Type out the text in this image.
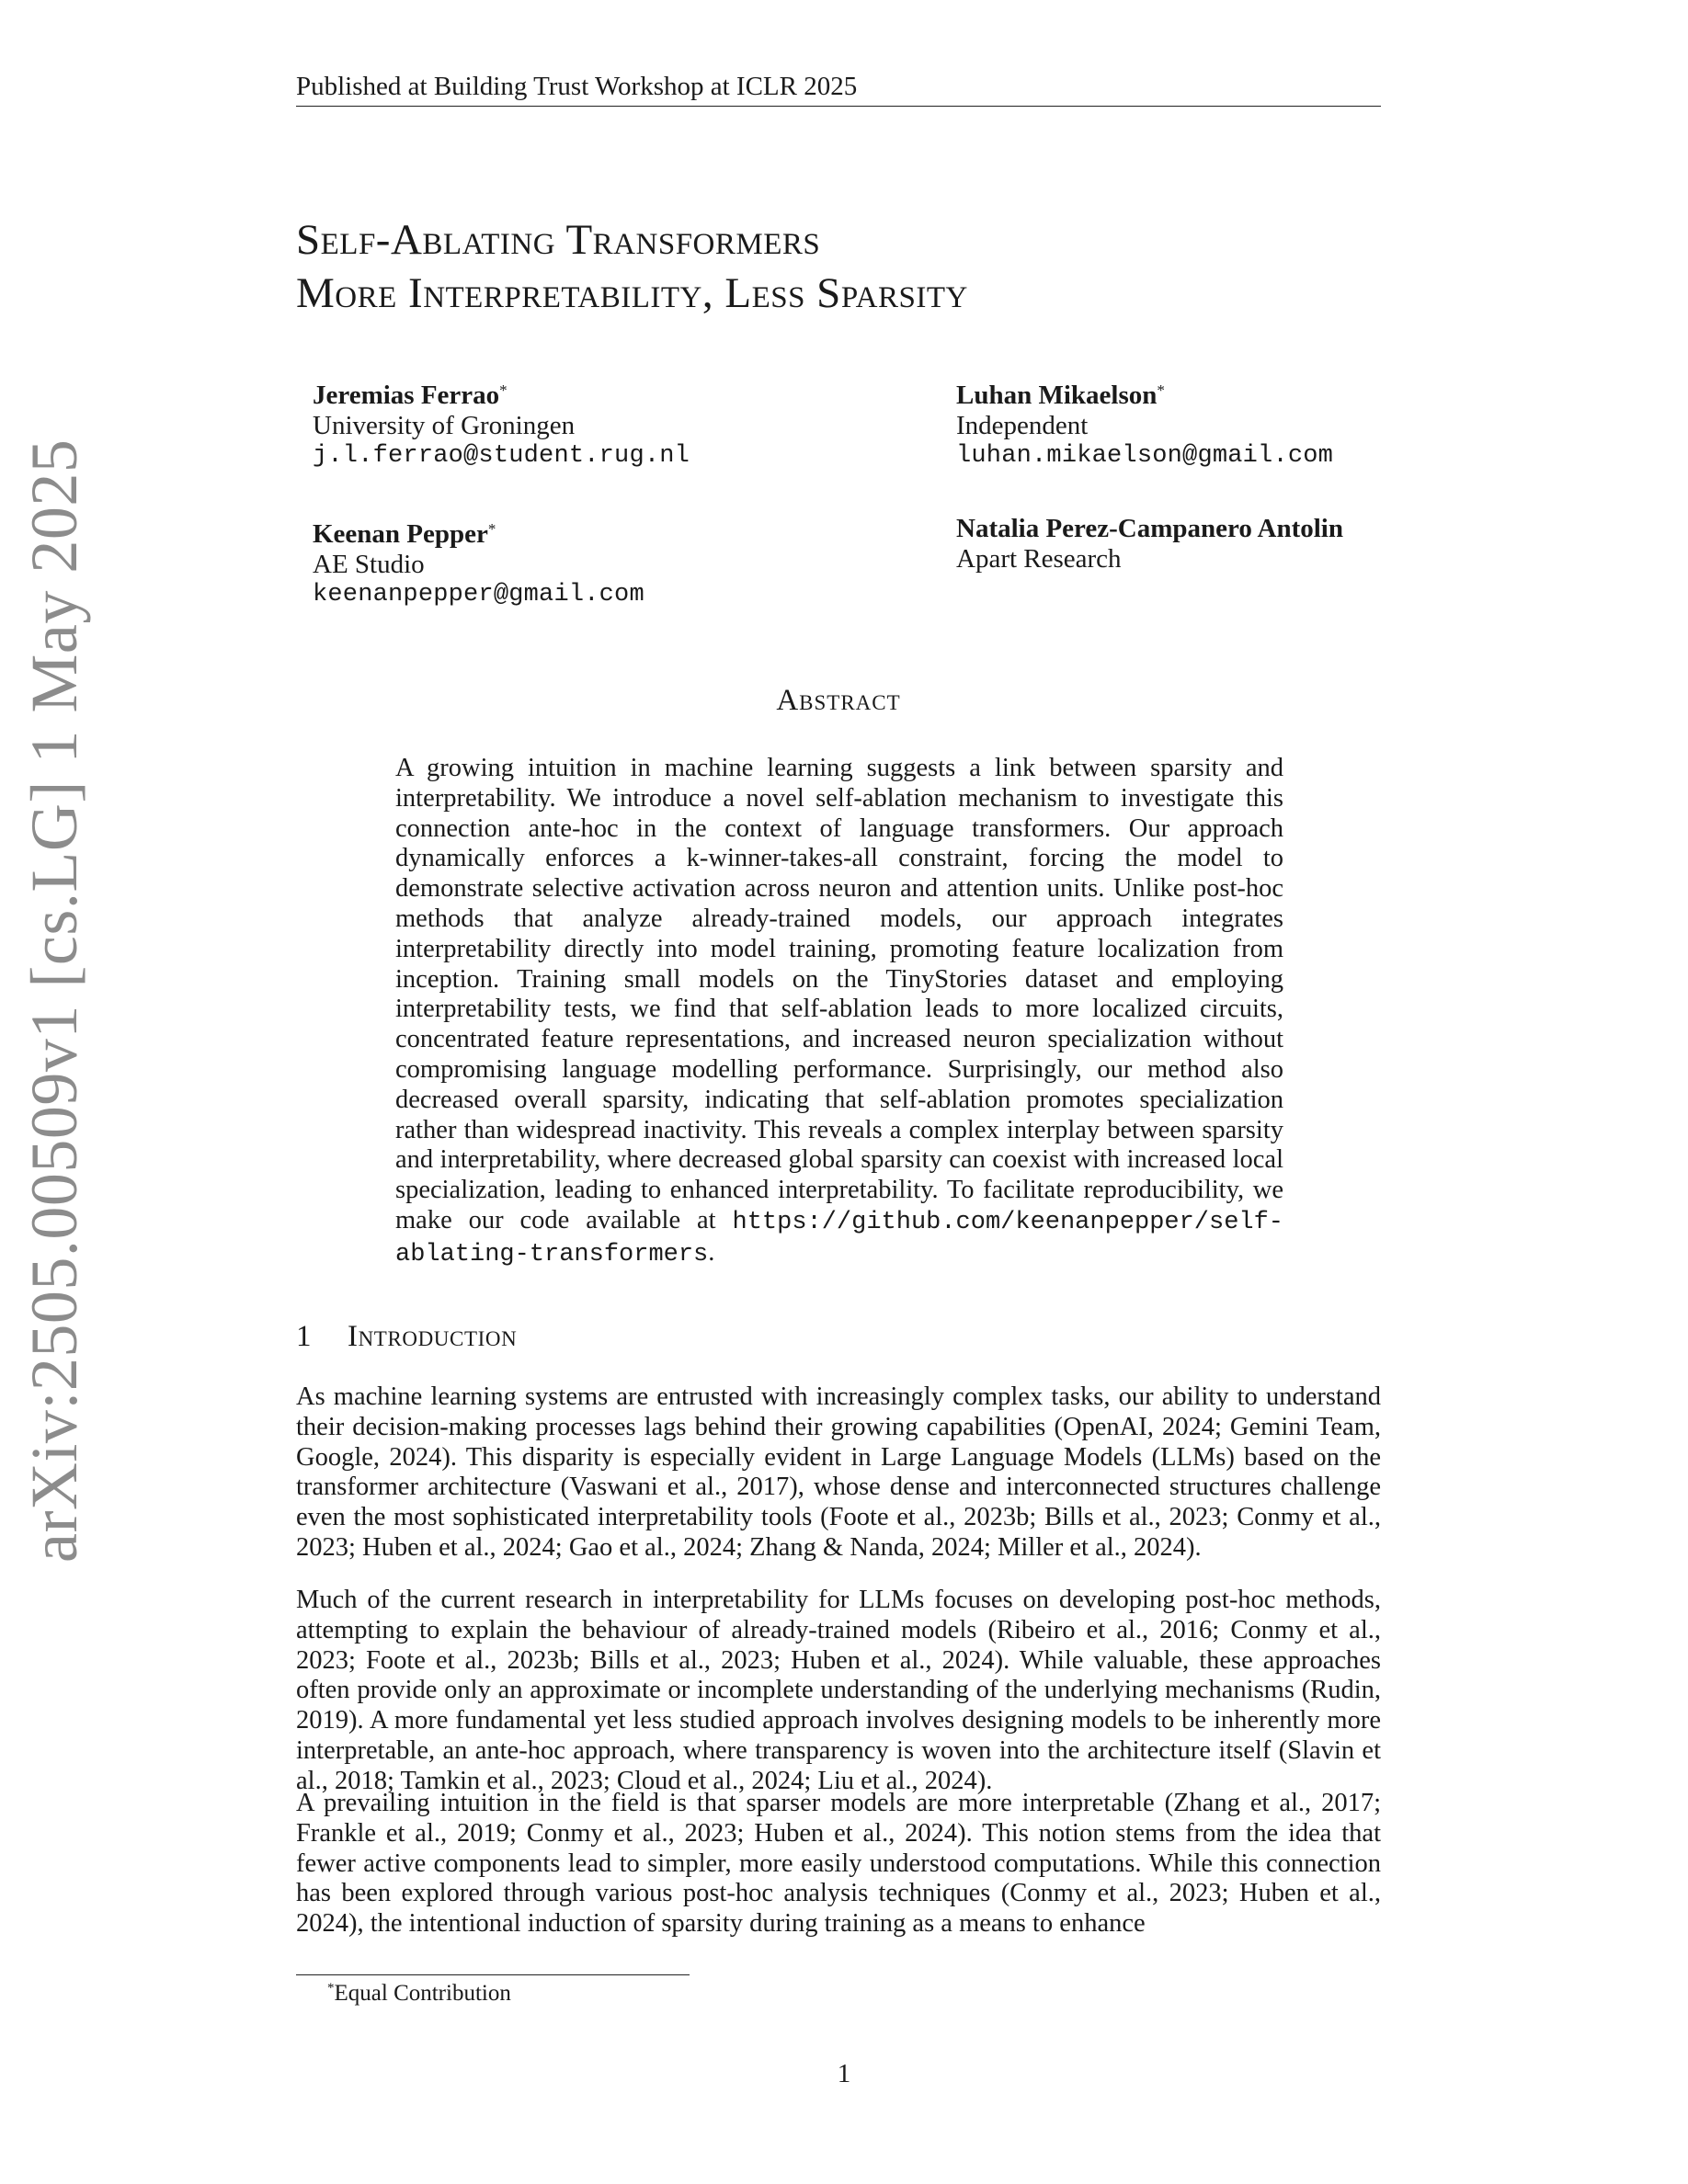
Published at Building Trust Workshop at ICLR 2025
Self-Ablating Transformers
More Interpretability, Less Sparsity
Jeremias Ferrao*
University of Groningen
j.l.ferrao@student.rug.nl
Luhan Mikaelson*
Independent
luhan.mikaelson@gmail.com
Keenan Pepper*
AE Studio
keenanpepper@gmail.com
Natalia Perez-Campanero Antolin
Apart Research
arXiv:2505.00509v1 [cs.LG] 1 May 2025	Abstract
A growing intuition in machine learning suggests a link between sparsity and interpretability. We introduce a novel self-ablation mechanism to investigate this connection ante-hoc in the context of language transformers. Our approach dynamically enforces a k-winner-takes-all constraint, forcing the model to demonstrate selective activation across neuron and attention units. Unlike post-hoc methods that analyze already-trained models, our approach integrates interpretability directly into model training, promoting feature localization from inception. Training small models on the TinyStories dataset and employing interpretability tests, we find that self-ablation leads to more localized circuits, concentrated feature representations, and increased neuron specialization without compromising language modelling performance. Surprisingly, our method also decreased overall sparsity, indicating that self-ablation promotes specialization rather than widespread inactivity. This reveals a complex interplay between sparsity and interpretability, where decreased global sparsity can coexist with increased local specialization, leading to enhanced interpretability. To facilitate reproducibility, we make our code available at https://github.com/keenanpepper/self-ablating-transformers.
1 Introduction
As machine learning systems are entrusted with increasingly complex tasks, our ability to understand their decision-making processes lags behind their growing capabilities (OpenAI, 2024; Gemini Team, Google, 2024). This disparity is especially evident in Large Language Models (LLMs) based on the transformer architecture (Vaswani et al., 2017), whose dense and interconnected structures challenge even the most sophisticated interpretability tools (Foote et al., 2023b; Bills et al., 2023; Conmy et al., 2023; Huben et al., 2024; Gao et al., 2024; Zhang & Nanda, 2024; Miller et al., 2024).
Much of the current research in interpretability for LLMs focuses on developing post-hoc methods, attempting to explain the behaviour of already-trained models (Ribeiro et al., 2016; Conmy et al., 2023; Foote et al., 2023b; Bills et al., 2023; Huben et al., 2024). While valuable, these approaches often provide only an approximate or incomplete understanding of the underlying mechanisms (Rudin, 2019). A more fundamental yet less studied approach involves designing models to be inherently more interpretable, an ante-hoc approach, where transparency is woven into the architecture itself (Slavin et al., 2018; Tamkin et al., 2023; Cloud et al., 2024; Liu et al., 2024).
A prevailing intuition in the field is that sparser models are more interpretable (Zhang et al., 2017; Frankle et al., 2019; Conmy et al., 2023; Huben et al., 2024). This notion stems from the idea that fewer active components lead to simpler, more easily understood computations. While this connection has been explored through various post-hoc analysis techniques (Conmy et al., 2023; Huben et al., 2024), the intentional induction of sparsity during training as a means to enhance
*Equal Contribution
1
